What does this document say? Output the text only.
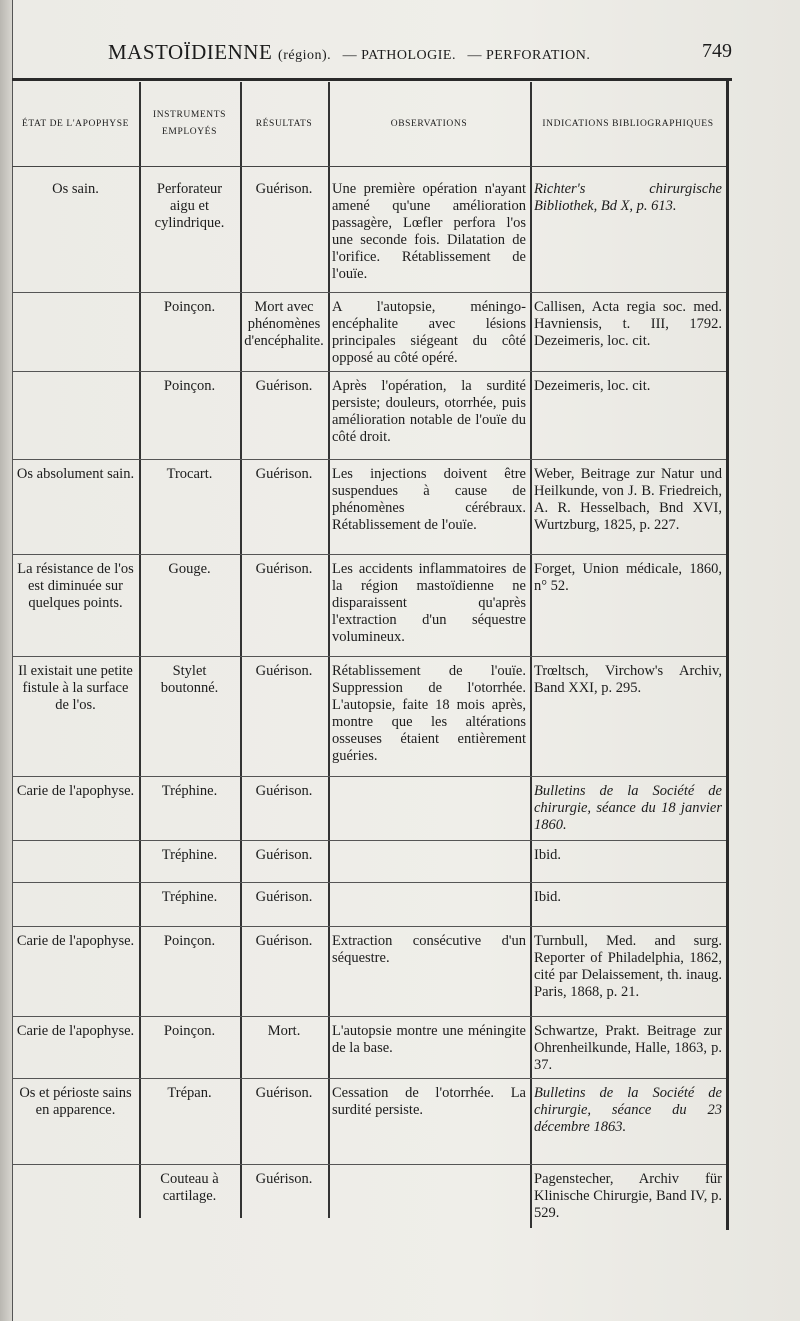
MASTOÏDIENNE (région). — PATHOLOGIE. — PERFORATION.	749
ÉTAT DE L'APOPHYSE	INSTRUMENTS EMPLOYÉS	RÉSULTATS	OBSERVATIONS	INDICATIONS BIBLIOGRAPHIQUES
Os sain.	Perforateur aigu et cylindrique.	Guérison.	Une première opération n'ayant amené qu'une amélioration passagère, Lœfler perfora l'os une seconde fois. Dilatation de l'orifice. Rétablissement de l'ouïe.	Richter's chirurgische Bibliothek, Bd X, p. 613.
	Poinçon.	Mort avec phénomènes d'encéphalite.	A l'autopsie, méningo-encéphalite avec lésions principales siégeant du côté opposé au côté opéré.	Callisen, Acta regia soc. med. Havniensis, t. III, 1792. Dezeimeris, loc. cit.
	Poinçon.	Guérison.	Après l'opération, la surdité persiste; douleurs, otorrhée, puis amélioration notable de l'ouïe du côté droit.	Dezeimeris, loc. cit.
Os absolument sain.	Trocart.	Guérison.	Les injections doivent être suspendues à cause de phénomènes cérébraux. Rétablissement de l'ouïe.	Weber, Beitrage zur Natur und Heilkunde, von J. B. Friedreich, A. R. Hesselbach, Bnd XVI, Wurtzburg, 1825, p. 227.
La résistance de l'os est diminuée sur quelques points.	Gouge.	Guérison.	Les accidents inflammatoires de la région mastoïdienne ne disparaissent qu'après l'extraction d'un séquestre volumineux.	Forget, Union médicale, 1860, n° 52.
Il existait une petite fistule à la surface de l'os.	Stylet boutonné.	Guérison.	Rétablissement de l'ouïe. Suppression de l'otorrhée. L'autopsie, faite 18 mois après, montre que les altérations osseuses étaient entièrement guéries.	Trœltsch, Virchow's Archiv, Band XXI, p. 295.
Carie de l'apophyse.	Tréphine.	Guérison.		Bulletins de la Société de chirurgie, séance du 18 janvier 1860.
	Tréphine.	Guérison.		Ibid.
	Tréphine.	Guérison.		Ibid.
Carie de l'apophyse.	Poinçon.	Guérison.	Extraction consécutive d'un séquestre.	Turnbull, Med. and surg. Reporter of Philadelphia, 1862, cité par Delaissement, th. inaug. Paris, 1868, p. 21.
Carie de l'apophyse.	Poinçon.	Mort.	L'autopsie montre une méningite de la base.	Schwartze, Prakt. Beitrage zur Ohrenheilkunde, Halle, 1863, p. 37.
Os et périoste sains en apparence.	Trépan.	Guérison.	Cessation de l'otorrhée. La surdité persiste.	Bulletins de la Société de chirurgie, séance du 23 décembre 1863.
	Couteau à cartilage.	Guérison.		Pagenstecher, Archiv für Klinische Chirurgie, Band IV, p. 529.
